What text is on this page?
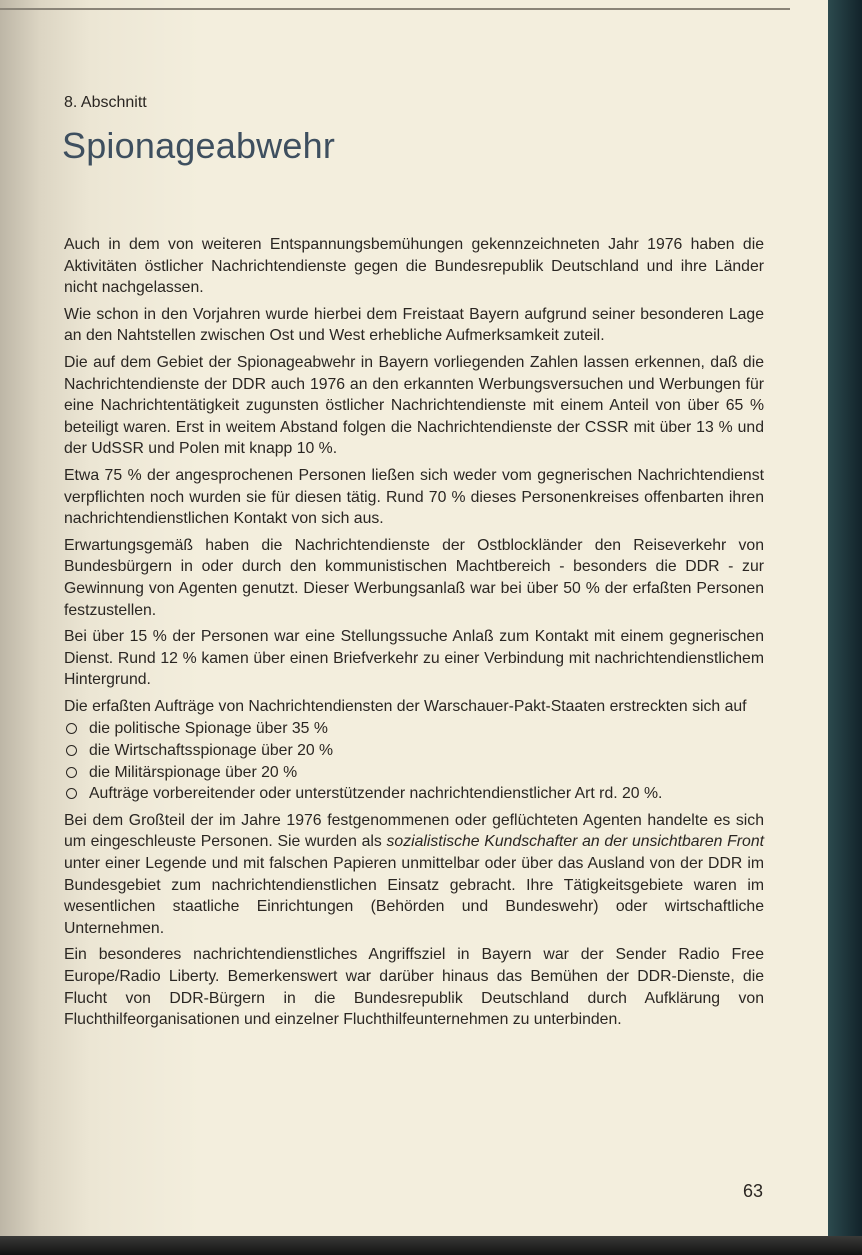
8. Abschnitt
Spionageabwehr

Auch in dem von weiteren Entspannungsbemühungen gekennzeichneten Jahr 1976 haben die Aktivitäten östlicher Nachrichtendienste gegen die Bundesrepublik Deutschland und ihre Länder nicht nachgelassen.

Wie schon in den Vorjahren wurde hierbei dem Freistaat Bayern aufgrund seiner besonderen Lage an den Nahtstellen zwischen Ost und West erhebliche Aufmerksamkeit zuteil.

Die auf dem Gebiet der Spionageabwehr in Bayern vorliegenden Zahlen lassen erkennen, daß die Nachrichtendienste der DDR auch 1976 an den erkannten Werbungsversuchen und Werbungen für eine Nachrichtentätigkeit zugunsten östlicher Nachrichtendienste mit einem Anteil von über 65 % beteiligt waren. Erst in weitem Abstand folgen die Nachrichtendienste der CSSR mit über 13 % und der UdSSR und Polen mit knapp 10 %.

Etwa 75 % der angesprochenen Personen ließen sich weder vom gegnerischen Nachrichtendienst verpflichten noch wurden sie für diesen tätig. Rund 70 % dieses Personenkreises offenbarten ihren nachrichtendienstlichen Kontakt von sich aus.

Erwartungsgemäß haben die Nachrichtendienste der Ostblockländer den Reiseverkehr von Bundesbürgern in oder durch den kommunistischen Machtbereich - besonders die DDR - zur Gewinnung von Agenten genutzt. Dieser Werbungsanlaß war bei über 50 % der erfaßten Personen festzustellen.

Bei über 15 % der Personen war eine Stellungssuche Anlaß zum Kontakt mit einem gegnerischen Dienst. Rund 12 % kamen über einen Briefverkehr zu einer Verbindung mit nachrichtendienstlichem Hintergrund.

Die erfaßten Aufträge von Nachrichtendiensten der Warschauer-Pakt-Staaten erstreckten sich auf

die politische Spionage über 35 %
die Wirtschaftsspionage über 20 %
die Militärspionage über 20 %
Aufträge vorbereitender oder unterstützender nachrichtendienstlicher Art rd. 20 %.

Bei dem Großteil der im Jahre 1976 festgenommenen oder geflüchteten Agenten handelte es sich um eingeschleuste Personen. Sie wurden als sozialistische Kundschafter an der unsichtbaren Front unter einer Legende und mit falschen Papieren unmittelbar oder über das Ausland von der DDR im Bundesgebiet zum nachrichtendienstlichen Einsatz gebracht. Ihre Tätigkeitsgebiete waren im wesentlichen staatliche Einrichtungen (Behörden und Bundeswehr) oder wirtschaftliche Unternehmen.

Ein besonderes nachrichtendienstliches Angriffsziel in Bayern war der Sender Radio Free Europe/Radio Liberty. Bemerkenswert war darüber hinaus das Bemühen der DDR-Dienste, die Flucht von DDR-Bürgern in die Bundesrepublik Deutschland durch Aufklärung von Fluchthilfeorganisationen und einzelner Fluchthilfeunternehmen zu unterbinden.

63
